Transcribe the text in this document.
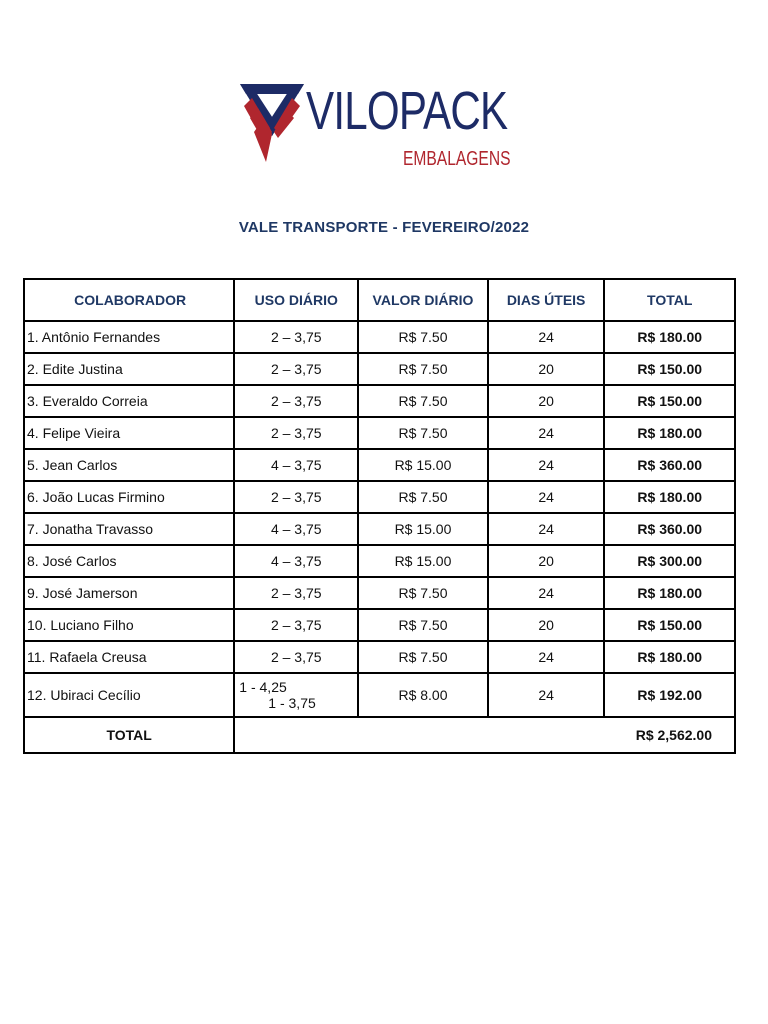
VILOPACK
EMBALAGENS
VALE TRANSPORTE - FEVEREIRO/2022
COLABORADOR	USO DIÁRIO	VALOR DIÁRIO	DIAS ÚTEIS	TOTAL
1. Antônio Fernandes	2 – 3,75	R$ 7.50	24	R$ 180.00
2. Edite Justina	2 – 3,75	R$ 7.50	20	R$ 150.00
3. Everaldo Correia	2 – 3,75	R$ 7.50	20	R$ 150.00
4. Felipe Vieira	2 – 3,75	R$ 7.50	24	R$ 180.00
5. Jean Carlos	4 – 3,75	R$ 15.00	24	R$ 360.00
6. João Lucas Firmino	2 – 3,75	R$ 7.50	24	R$ 180.00
7. Jonatha Travasso	4 – 3,75	R$ 15.00	24	R$ 360.00
8. José Carlos	4 – 3,75	R$ 15.00	20	R$ 300.00
9. José Jamerson	2 – 3,75	R$ 7.50	24	R$ 180.00
10. Luciano Filho	2 – 3,75	R$ 7.50	20	R$ 150.00
11. Rafaela Creusa	2 – 3,75	R$ 7.50	24	R$ 180.00
12. Ubiraci Cecílio	1 - 4,25
1 - 3,75	R$ 8.00	24	R$ 192.00
TOTAL	R$ 2,562.00			
